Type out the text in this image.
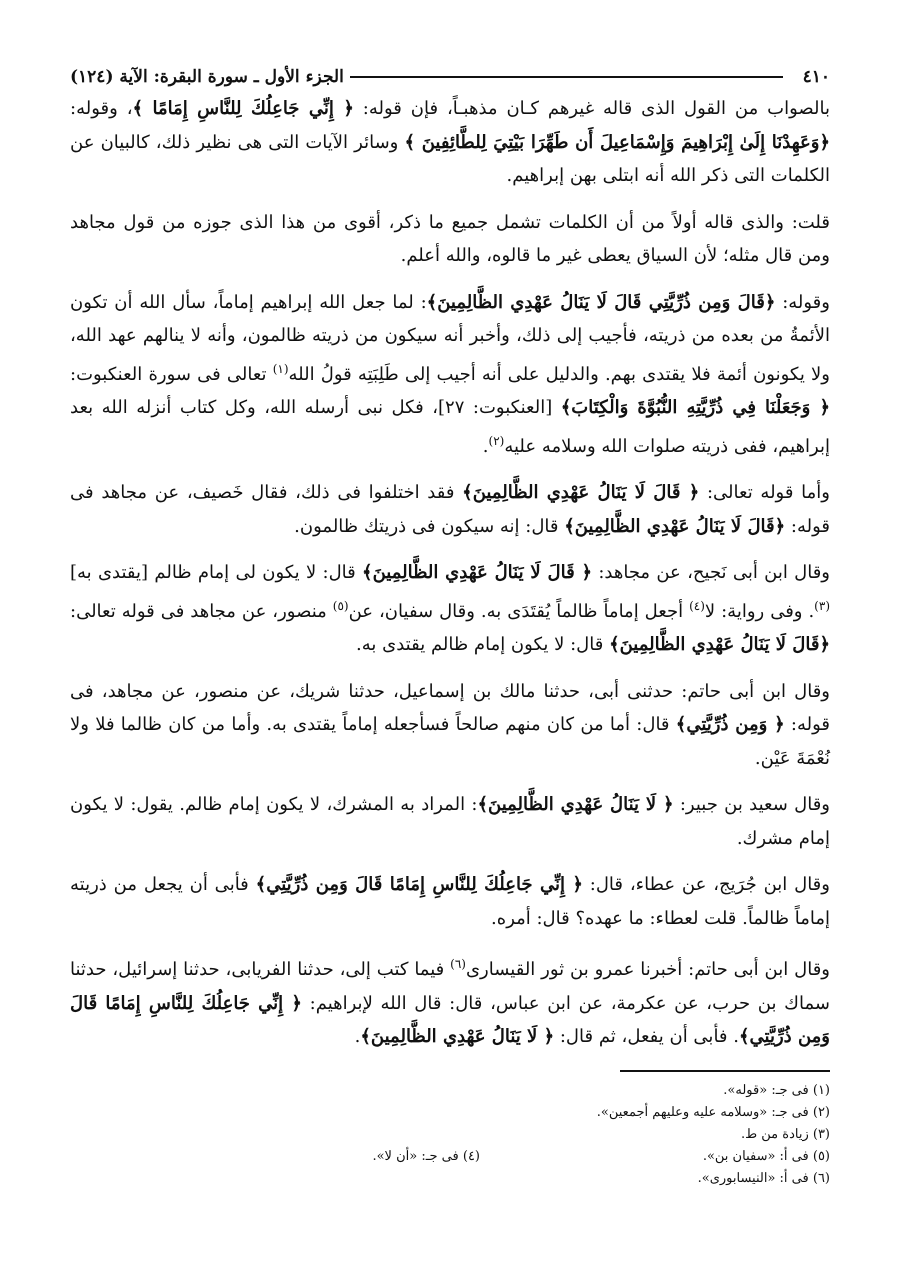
٤١٠
الجزء الأول ـ سورة البقرة: الآية (١٢٤)

بالصواب من القول الذى قاله غيرهم كـان مذهبـاً، فإن قوله: ﴿ إِنِّي جَاعِلُكَ لِلنَّاسِ إِمَامًا ﴾، وقوله: ﴿وَعَهِدْنَا إِلَىٰ إِبْرَاهِيمَ وَإِسْمَاعِيلَ أَن طَهِّرَا بَيْتِيَ لِلطَّائِفِينَ ﴾ وسائر الآيات التى هى نظير ذلك، كالبيان عن الكلمات التى ذكر الله أنه ابتلى بهن إبراهيم.

قلت: والذى قاله أولاً من أن الكلمات تشمل جميع ما ذكر، أقوى من هذا الذى جوزه من قول مجاهد ومن قال مثله؛ لأن السياق يعطى غير ما قالوه، والله أعلم.

وقوله: ﴿قَالَ وَمِن ذُرِّيَّتِي قَالَ لَا يَنَالُ عَهْدِي الظَّالِمِينَ﴾: لما جعل الله إبراهيم إماماً، سأل الله أن تكون الأئمةُ من بعده من ذريته، فأجيب إلى ذلك، وأخبر أنه سيكون من ذريته ظالمون، وأنه لا ينالهم عهد الله، ولا يكونون أئمة فلا يقتدى بهم. والدليل على أنه أجيب إلى طَلِبَتِه قولُ الله$^{(١)}$ تعالى فى سورة العنكبوت: ﴿ وَجَعَلْنَا فِي ذُرِّيَّتِهِ النُّبُوَّةَ وَالْكِتَابَ﴾ [العنكبوت: ٢٧]، فكل نبى أرسله الله، وكل كتاب أنزله الله بعد إبراهيم، ففى ذريته صلوات الله وسلامه عليه$^{(٢)}$.

وأما قوله تعالى: ﴿ قَالَ لَا يَنَالُ عَهْدِي الظَّالِمِينَ﴾ فقد اختلفوا فى ذلك، فقال خَصيف، عن مجاهد فى قوله: ﴿قَالَ لَا يَنَالُ عَهْدِي الظَّالِمِينَ﴾ قال: إنه سيكون فى ذريتك ظالمون.

وقال ابن أبى نَجيح، عن مجاهد: ﴿ قَالَ لَا يَنَالُ عَهْدِي الظَّالِمِينَ﴾ قال: لا يكون لى إمام ظالم [يقتدى به]$^{(٣)}$. وفى رواية: لا$^{(٤)}$ أجعل إماماً ظالماً يُقتَدَى به. وقال سفيان، عن$^{(٥)}$ منصور، عن مجاهد فى قوله تعالى: ﴿قَالَ لَا يَنَالُ عَهْدِي الظَّالِمِينَ﴾ قال: لا يكون إمام ظالم يقتدى به.

وقال ابن أبى حاتم: حدثنى أبى، حدثنا مالك بن إسماعيل، حدثنا شريك، عن منصور، عن مجاهد، فى قوله: ﴿ وَمِن ذُرِّيَّتِي﴾ قال: أما من كان منهم صالحاً فسأجعله إماماً يقتدى به. وأما من كان ظالما فلا ولا نُعْمَةَ عَيْن.

وقال سعيد بن جبير: ﴿ لَا يَنَالُ عَهْدِي الظَّالِمِينَ﴾: المراد به المشرك، لا يكون إمام ظالم. يقول: لا يكون إمام مشرك.

وقال ابن جُرَيج، عن عطاء، قال: ﴿ إِنِّي جَاعِلُكَ لِلنَّاسِ إِمَامًا قَالَ وَمِن ذُرِّيَّتِي﴾ فأبى أن يجعل من ذريته إماماً ظالماً. قلت لعطاء: ما عهده؟ قال: أمره.

وقال ابن أبى حاتم: أخبرنا عمرو بن ثور القيسارى$^{(٦)}$ فيما كتب إلى، حدثنا الفريابى، حدثنا إسرائيل، حدثنا سماك بن حرب، عن عكرمة، عن ابن عباس، قال: قال الله لإبراهيم: ﴿ إِنِّي جَاعِلُكَ لِلنَّاسِ إِمَامًا قَالَ وَمِن ذُرِّيَّتِي﴾. فأبى أن يفعل، ثم قال: ﴿ لَا يَنَالُ عَهْدِي الظَّالِمِينَ﴾.

(١) فى جـ: «قوله».
(٢) فى جـ: «وسلامه عليه وعليهم أجمعين».
(٣) زيادة من ط.
(٥) فى أ: «سفيان بن».
(٤) فى جـ: «أن لا».
(٦) فى أ: «النيسابورى».
